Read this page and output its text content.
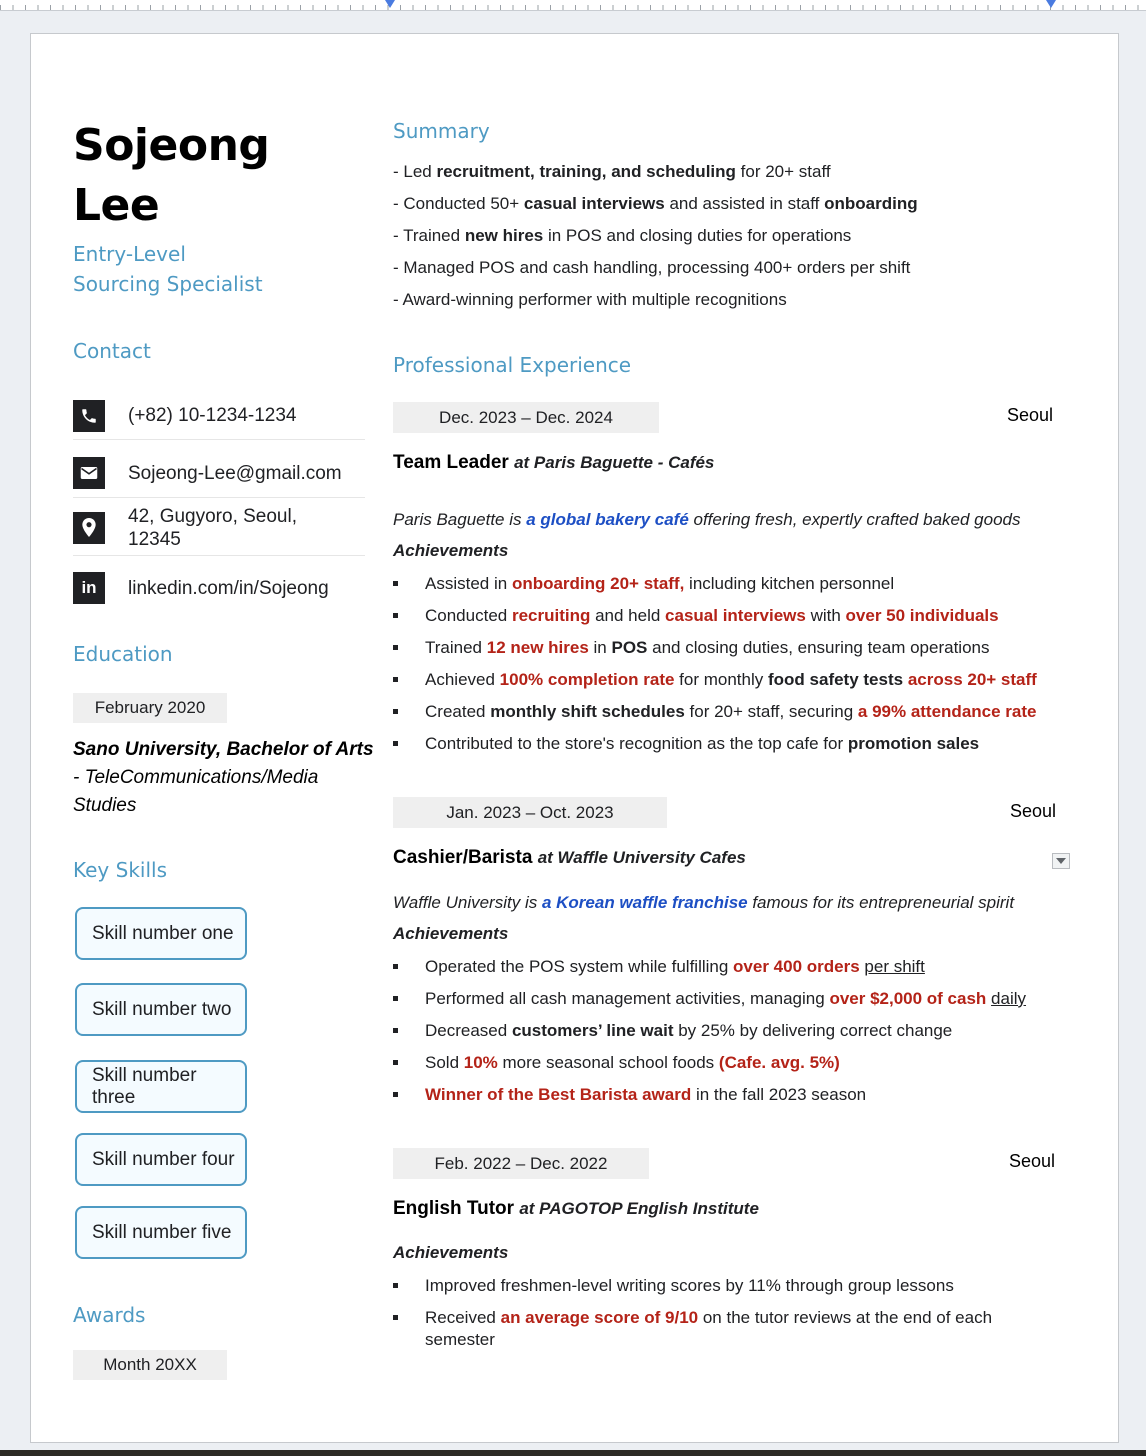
Sojeong
Lee
Entry-Level
Sourcing Specialist
Contact
(+82) 10-1234-1234
Sojeong-Lee@gmail.com
42, Gugyoro, Seoul,
12345
in linkedin.com/in/Sojeong
Education
February 2020
Sano University, Bachelor of Arts
- TeleCommunications/Media
Studies
Key Skills
Skill number one
Skill number two
Skill number three
Skill number four
Skill number five
Awards
Month 20XX
Summary
- Led recruitment, training, and scheduling for 20+ staff
- Conducted 50+ casual interviews and assisted in staff onboarding
- Trained new hires in POS and closing duties for operations
- Managed POS and cash handling, processing 400+ orders per shift
- Award-winning performer with multiple recognitions
Professional Experience
Dec. 2023 – Dec. 2024	Seoul
Team Leader at Paris Baguette - Cafés
Paris Baguette is a global bakery café offering fresh, expertly crafted baked goods
Achievements
Assisted in onboarding 20+ staff, including kitchen personnel
Conducted recruiting and held casual interviews with over 50 individuals
Trained 12 new hires in POS and closing duties, ensuring team operations
Achieved 100% completion rate for monthly food safety tests across 20+ staff
Created monthly shift schedules for 20+ staff, securing a 99% attendance rate
Contributed to the store's recognition as the top cafe for promotion sales
Jan. 2023 – Oct. 2023	Seoul
Cashier/Barista at Waffle University Cafes
Waffle University is a Korean waffle franchise famous for its entrepreneurial spirit
Achievements
Operated the POS system while fulfilling over 400 orders per shift
Performed all cash management activities, managing over $2,000 of cash daily
Decreased customers’ line wait by 25% by delivering correct change
Sold 10% more seasonal school foods (Cafe. avg. 5%)
Winner of the Best Barista award in the fall 2023 season
Feb. 2022 – Dec. 2022	Seoul
English Tutor at PAGOTOP English Institute
Achievements
Improved freshmen-level writing scores by 11% through group lessons
Received an average score of 9/10 on the tutor reviews at the end of each
semester
